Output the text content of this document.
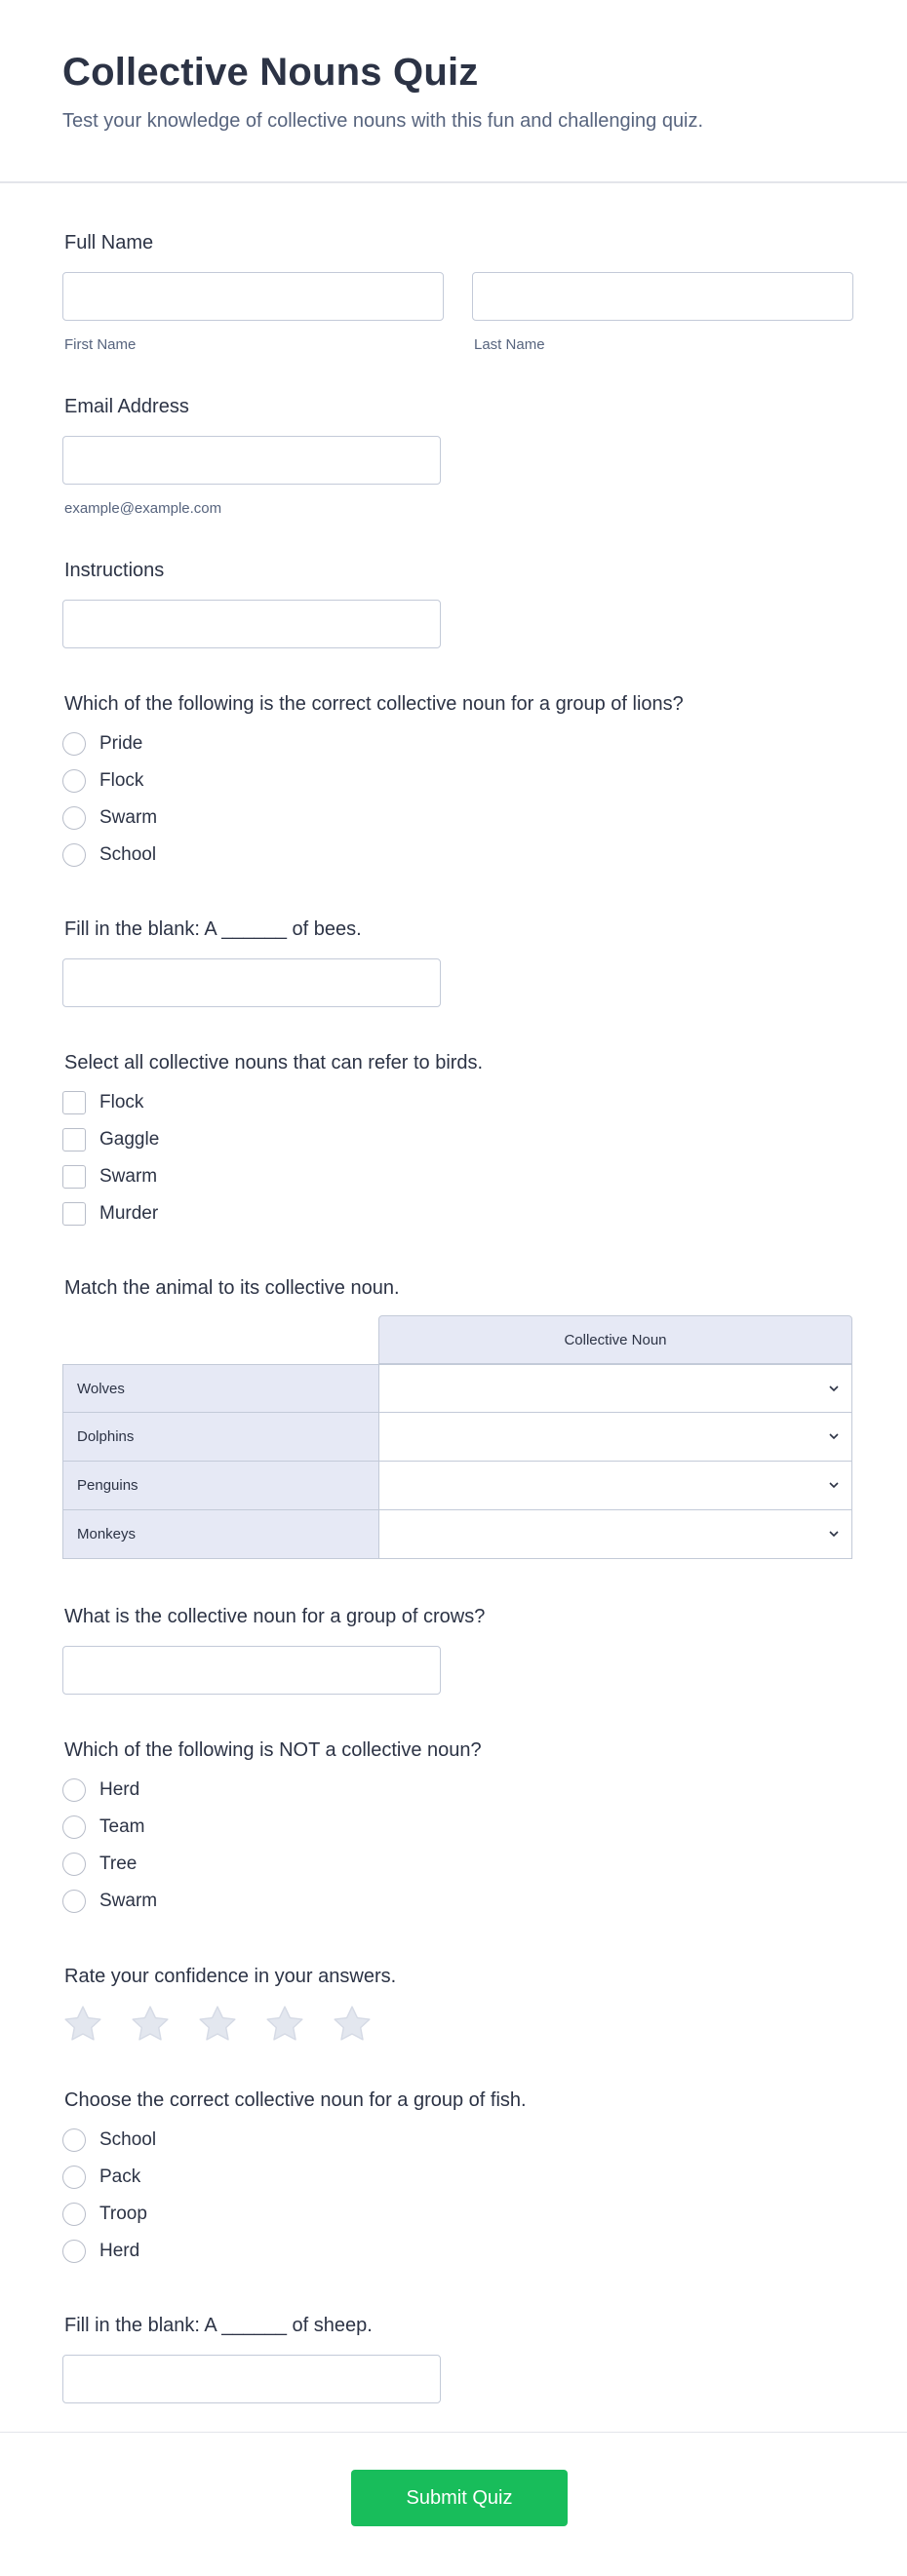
Collective Nouns Quiz
Test your knowledge of collective nouns with this fun and challenging quiz.
Full Name
First Name	Last Name
Email Address
example@example.com
Instructions
Which of the following is the correct collective noun for a group of lions?
Pride
Flock
Swarm
School
Fill in the blank: A ______ of bees.
Select all collective nouns that can refer to birds.
Flock
Gaggle
Swarm
Murder
Match the animal to its collective noun.
	Collective Noun
Wolves	

Dolphins	

Penguins	

Monkeys	
What is the collective noun for a group of crows?
Which of the following is NOT a collective noun?
Herd
Team
Tree
Swarm
Rate your confidence in your answers.
Choose the correct collective noun for a group of fish.
School
Pack
Troop
Herd
Fill in the blank: A ______ of sheep.
Submit Quiz
